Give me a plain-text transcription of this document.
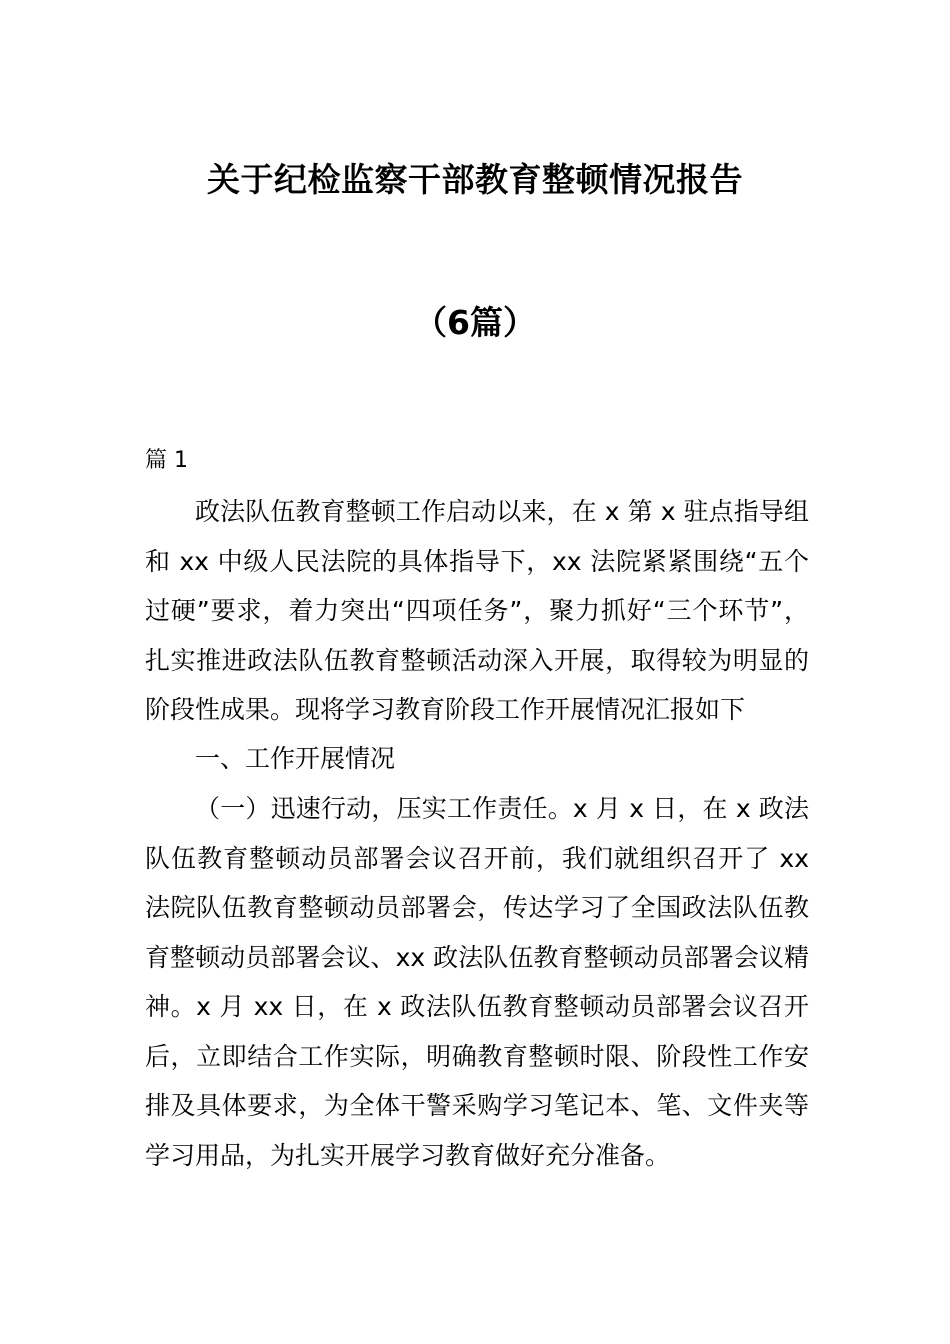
关于纪检监察干部教育整顿情况报告
（6篇）

篇 1

政法队伍教育整顿工作启动以来，在 x 第 x 驻点指导组和 xx 中级人民法院的具体指导下，xx 法院紧紧围绕“五个过硬”要求，着力突出“四项任务”，聚力抓好“三个环节”，扎实推进政法队伍教育整顿活动深入开展，取得较为明显的阶段性成果。现将学习教育阶段工作开展情况汇报如下

一、工作开展情况

（一）迅速行动，压实工作责任。x 月 x 日，在 x 政法队伍教育整顿动员部署会议召开前，我们就组织召开了 xx 法院队伍教育整顿动员部署会，传达学习了全国政法队伍教育整顿动员部署会议、xx 政法队伍教育整顿动员部署会议精神。x 月 xx 日，在 x 政法队伍教育整顿动员部署会议召开后，立即结合工作实际，明确教育整顿时限、阶段性工作安排及具体要求，为全体干警采购学习笔记本、笔、文件夹等学习用品，为扎实开展学习教育做好充分准备。
